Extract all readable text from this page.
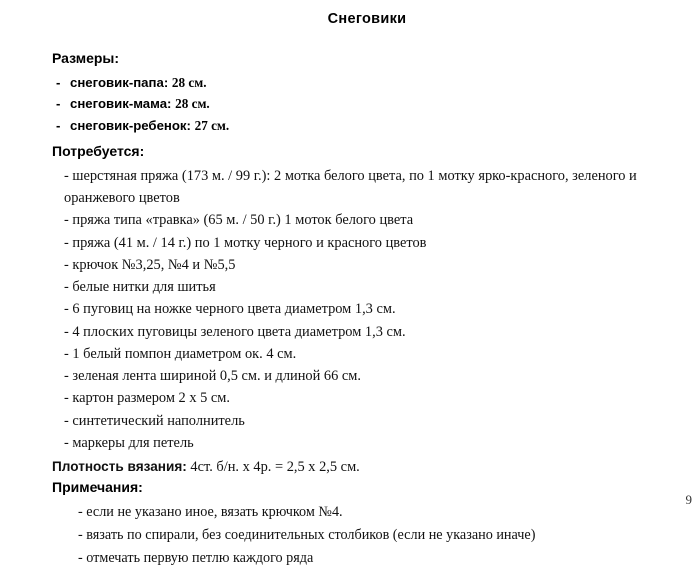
Снеговики
Размеры:
- снеговик-папа: 28 см.
- снеговик-мама: 28 см.
- снеговик-ребенок: 27 см.
Потребуется:
- шерстяная пряжа (173 м. / 99 г.): 2 мотка белого цвета, по 1 мотку ярко-красного, зеленого и оранжевого цветов
- пряжа типа «травка» (65 м. / 50 г.) 1 моток белого цвета
- пряжа (41 м. / 14 г.) по 1 мотку черного и красного цветов
- крючок №3,25, №4 и №5,5
- белые нитки для шитья
- 6 пуговиц на ножке черного цвета диаметром 1,3 см.
- 4 плоских пуговицы зеленого цвета диаметром 1,3 см.
- 1 белый помпон диаметром ок. 4 см.
- зеленая лента шириной 0,5 см. и длиной 66 см.
- картон размером 2 х 5 см.
- синтетический наполнитель
- маркеры для петель
Плотность вязания: 4ст. б/н. х 4р. = 2,5 х 2,5 см.
Примечания:
- если не указано иное, вязать крючком №4.
- вязать по спирали, без соединительных столбиков (если не указано иначе)
- отмечать первую петлю каждого ряда
9
